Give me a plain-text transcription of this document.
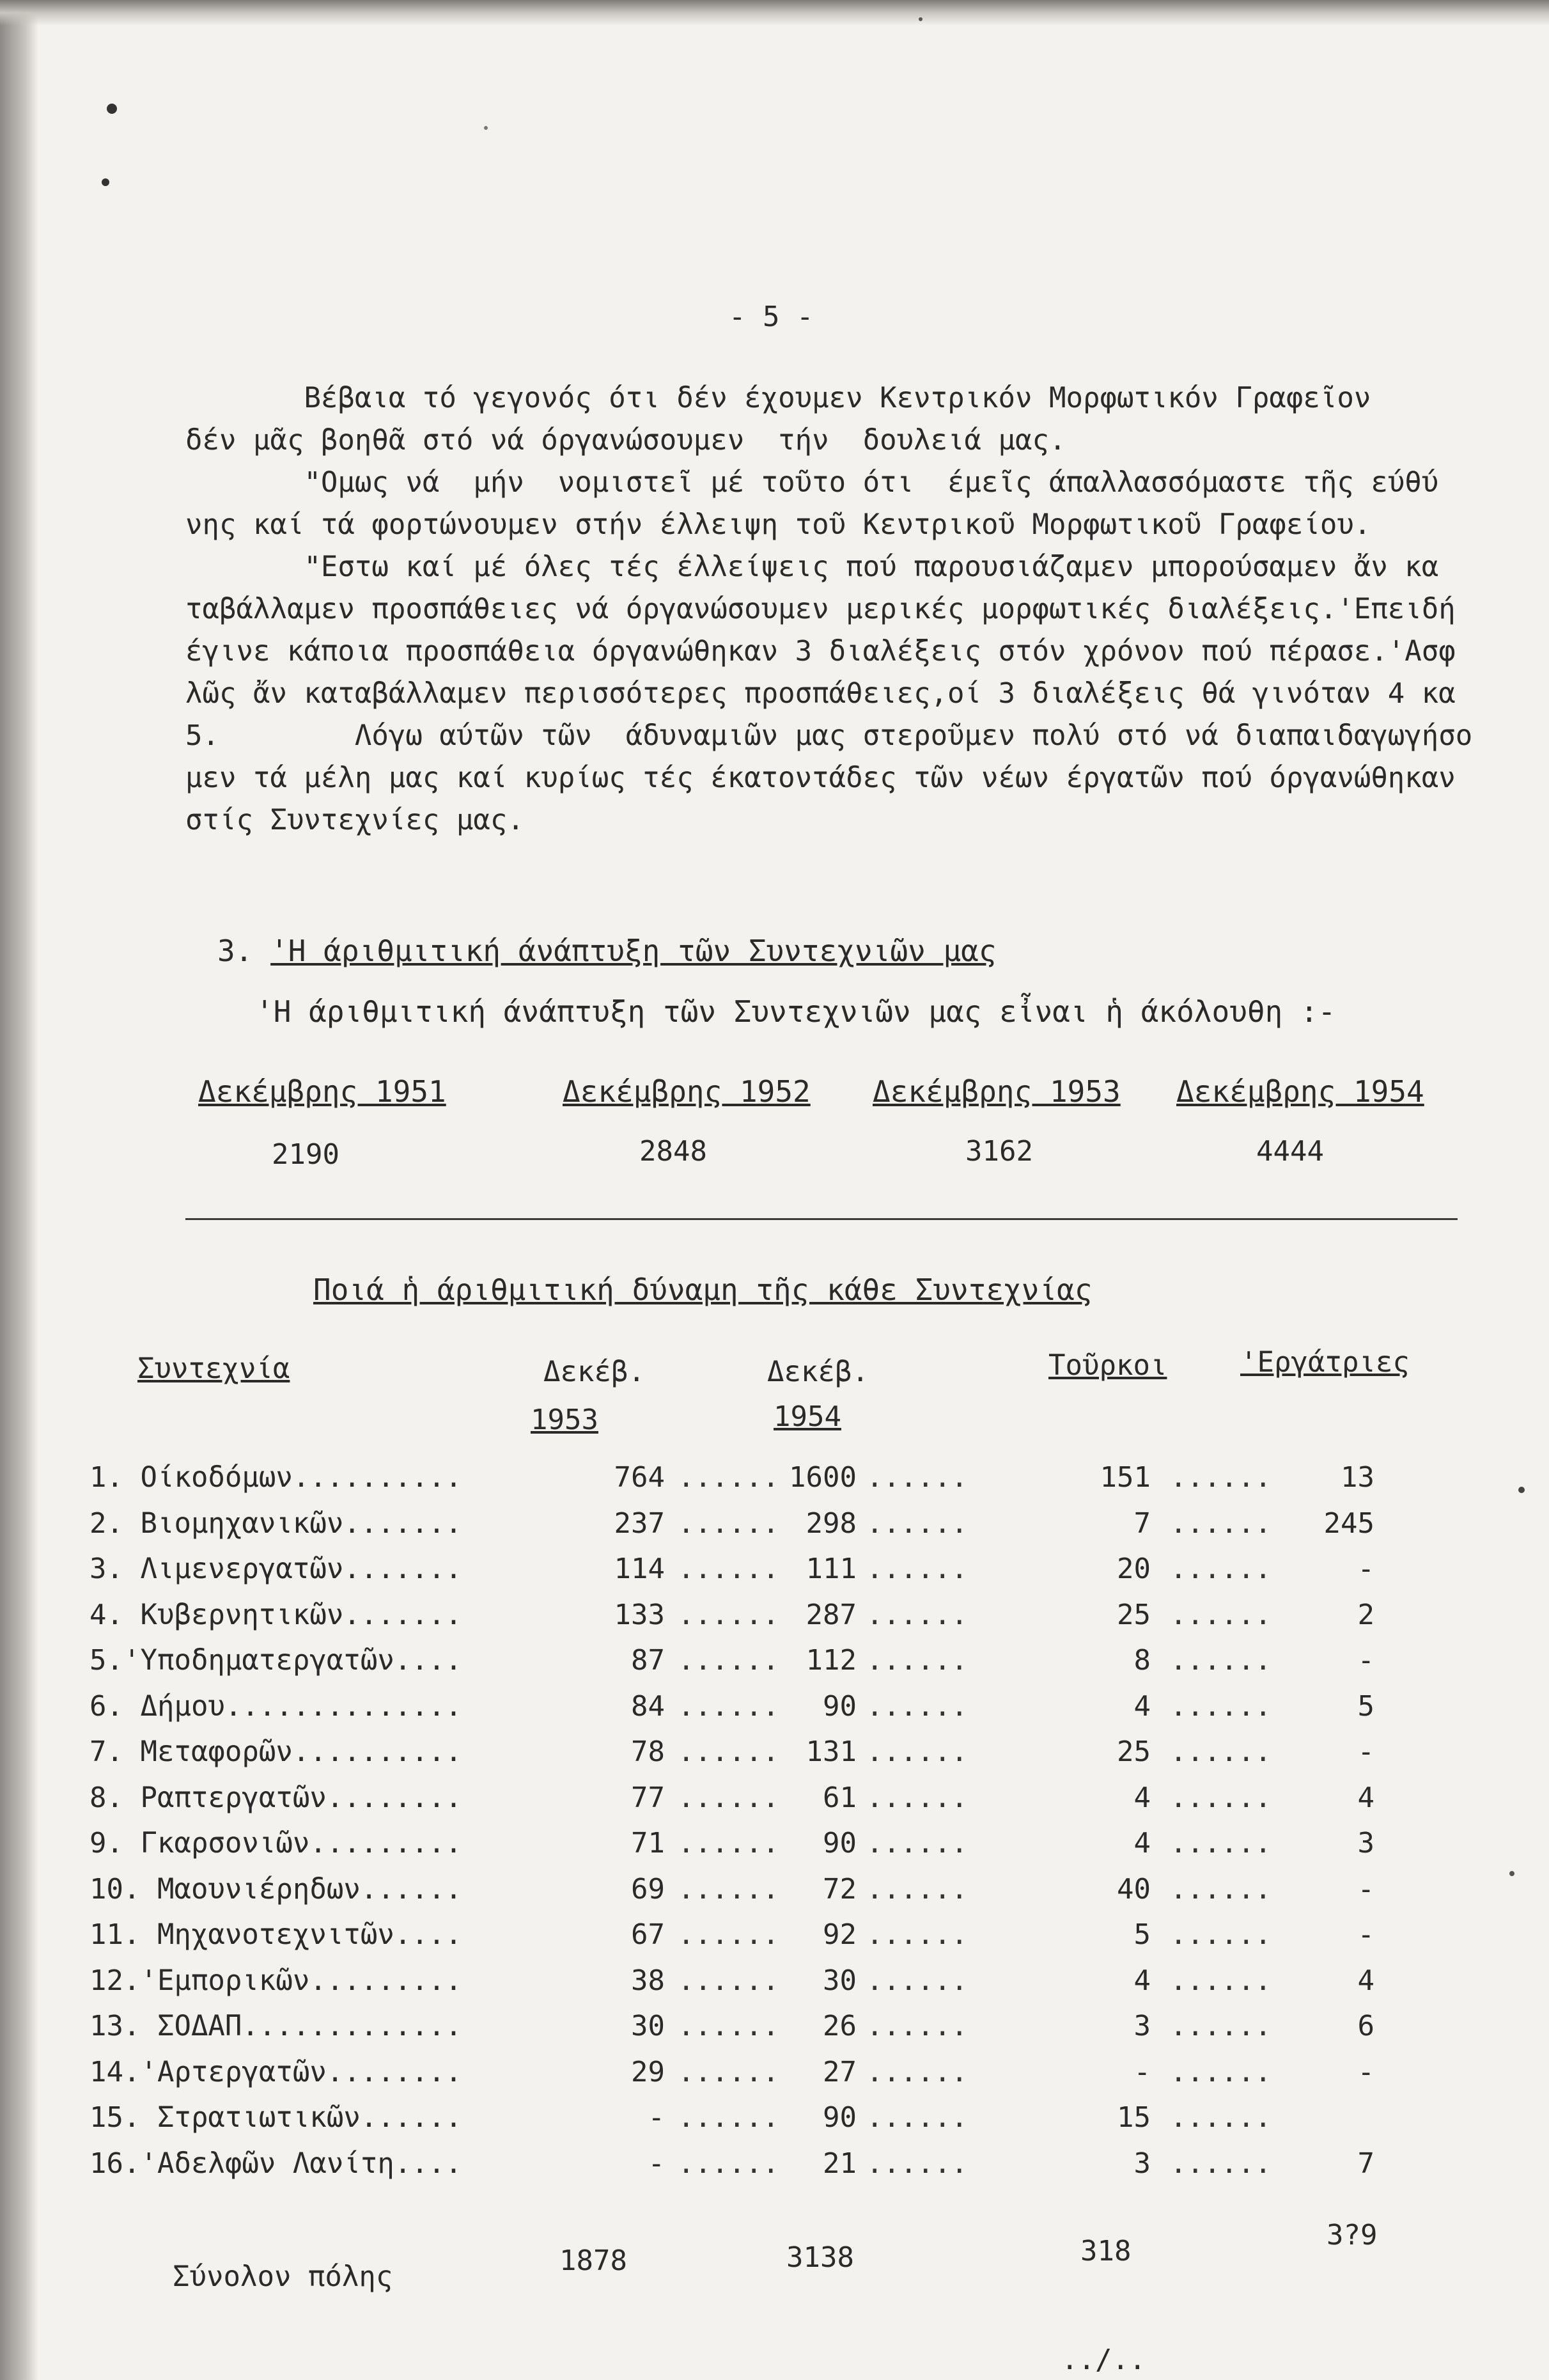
- 5 -

Βέβαια τό γεγονός ότι δέν έχουμεν Κεντρικόν Μορφωτικόν Γραφεῖον
δέν μᾶς βοηθᾶ στό νά όργανώσουμεν  τήν  δουλειά μας.
"Ομως νά  μήν  νομιστεῖ μέ τοῦτο ότι  έμεῖς άπαλλασσόμαστε τῆς εύθύ
νης καί τά φορτώνουμεν στήν έλλειψη τοῦ Κεντρικοῦ Μορφωτικοῦ Γραφείου.
"Εστω καί μέ όλες τές έλλείψεις πού παρουσιάζαμεν μπορούσαμεν ἄν κα
ταβάλλαμεν προσπάθειες νά όργανώσουμεν μερικές μορφωτικές διαλέξεις.'Επειδή
έγινε κάποια προσπάθεια όργανώθηκαν 3 διαλέξεις στόν χρόνον πού πέρασε.'Ασφ
λῶς ἄν καταβάλλαμεν περισσότερες προσπάθειες,οί 3 διαλέξεις θά γινόταν 4 κα
5.        Λόγω αύτῶν τῶν  άδυναμιῶν μας στεροῦμεν πολύ στό νά διαπαιδαγωγήσο
μεν τά μέλη μας καί κυρίως τές έκατοντάδες τῶν νέων έργατῶν πού όργανώθηκαν
στίς Συντεχνίες μας.

3. 'Η άριθμιτική άνάπτυξη τῶν Συντεχνιῶν μας

'Η άριθμιτική άνάπτυξη τῶν Συντεχνιῶν μας εἶναι ἡ άκόλουθη :-
Δεκέμβρης 1951	Δεκέμβρης 1952 Δεκέμβρης 1953 Δεκέμβρης 1954
2190	2848	3162	4444
Ποιά ἡ άριθμιτική δύναμη τῆς κάθε Συντεχνίας
Συντεχνία	Δεκέβ.
1953
Δεκέβ.
1954
Τοῦρκοι	'Εργάτριες
1. Οίκοδόμων..........	764	1600	151	13
......	......	......
2. Βιομηχανικῶν.......	237	298	7	245
......	......	......
3. Λιμενεργατῶν.......	114	111	20	-
......	......	......
4. Κυβερνητικῶν.......	133	287	25	2
......	......	......
5.'Υποδηματεργατῶν....	87	112	8	-
......	......	......
6. Δήμου..............	84	90	4	5
......	......	......
7. Μεταφορῶν..........	78	131	25	-
......	......	......
8. Ραπτεργατῶν........	77	61	4	4
......	......	......
9. Γκαρσονιῶν.........	71	90	4	3
......	......	......
10. Μαουνιέρηδων......	69	72	40	-
......	......	......
11. Μηχανοτεχνιτῶν....	67	92	5	-
......	......	......
12.'Εμπορικῶν.........	38	30	4	4
......	......	......
13. ΣΟΔΑΠ.............	30	26	3	6
......	......	......
14.'Αρτεργατῶν........	29	27	-	-
......	......	......
15. Στρατιωτικῶν......	-	90	15
......	......	......
16.'Αδελφῶν Λανίτη....	-	21	3	7
......	......	......
Σύνολον πόλης	1878	3138	318	3?9
../..
